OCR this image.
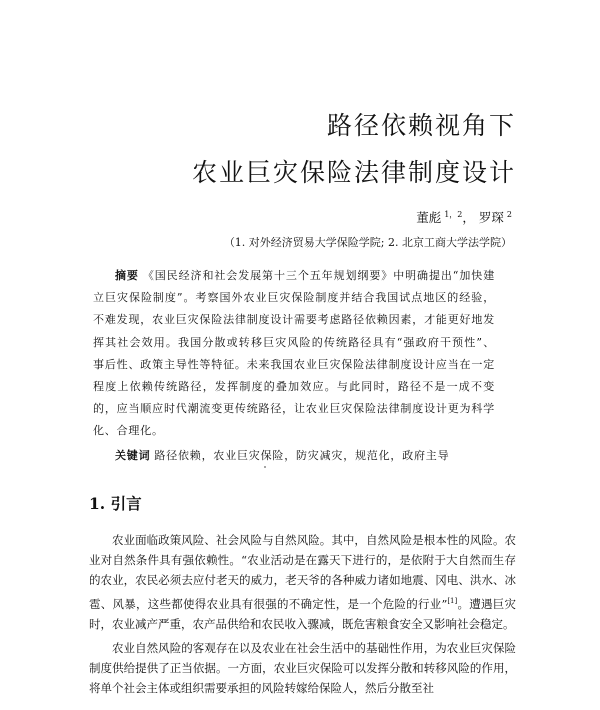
路径依赖视角下
农业巨灾保险法律制度设计
董彪 $^{1,2}$， 罗琛 $^2$
（1. 对外经济贸易大学保险学院; 2. 北京工商大学法学院）

摘要 《国民经济和社会发展第十三个五年规划纲要》中明确提出“加快建立巨灾保险制度”。考察国外农业巨灾保险制度并结合我国试点地区的经验，不难发现，农业巨灾保险法律制度设计需要考虑路径依赖因素，才能更好地发挥其社会效用。我国分散或转移巨灾风险的传统路径具有“强政府干预性”、事后性、政策主导性等特征。未来我国农业巨灾保险法律制度设计应当在一定程度上依赖传统路径，发挥制度的叠加效应。与此同时，路径不是一成不变的，应当顺应时代潮流变更传统路径，让农业巨灾保险法律制度设计更为科学化、合理化。

关键词 路径依赖，农业巨灾保险，防灾减灾，规范化，政府主导

1. 引言

农业面临政策风险、社会风险与自然风险。其中，自然风险是根本性的风险。农业对自然条件具有强依赖性。“农业活动是在露天下进行的，是依附于大自然而生存的农业，农民必须去应付老天的威力，老天爷的各种威力诸如地震、冈电、洪水、冰雹、风暴，这些都使得农业具有很强的不确定性，是一个危险的行业”[1]。遭遇巨灾时，农业减产严重，农产品供给和农民收入骤减，既危害粮食安全又影响社会稳定。

农业自然风险的客观存在以及农业在社会生活中的基础性作用，为农业巨灾保险制度供给提供了正当依据。一方面，农业巨灾保险可以发挥分散和转移风险的作用，将单个社会主体或组织需要承担的风险转嫁给保险人，然后分散至社
